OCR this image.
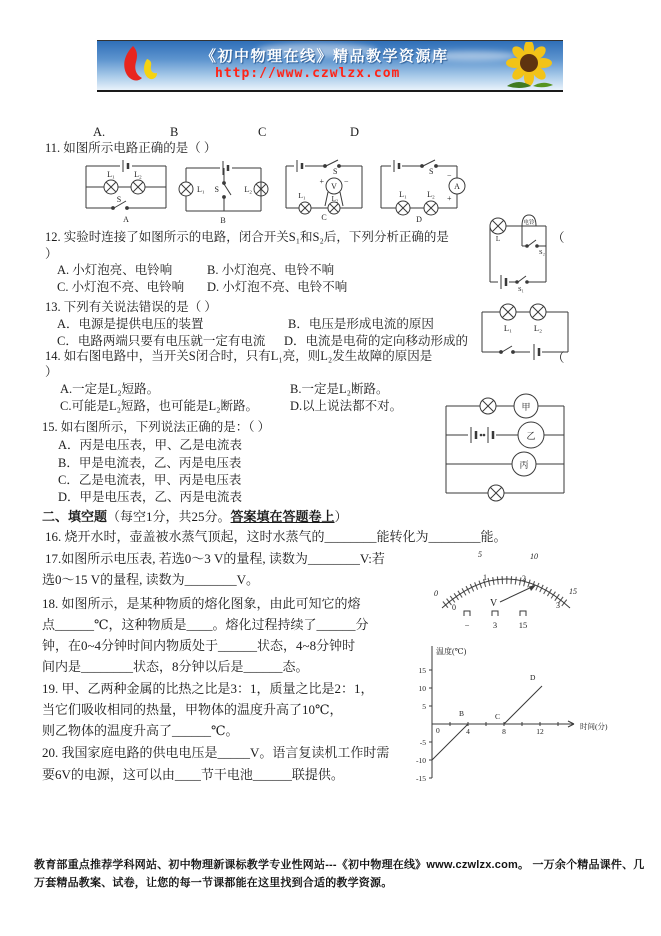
《初中物理在线》精品教学资源库
http://www.czwlzx.com
A.	B	C	D
11. 如图所示电路正确的是（ ）
L₁ L₂
S
A
L₁ S	L₂
B
V
+	−
S
L₁	L₂
C
A
−
+
S
L₁	L₂
D
12. 实验时连接了如图所示的电路，闭合开关S₁和S₂后，下列分析正确的是	（
）
A. 小灯泡亮、电铃响	B. 小灯泡亮、电铃不响
C. 小灯泡不亮、电铃响 D. 小灯泡不亮、电铃不响
L
电铃
S₂
S₁
13. 下列有关说法错误的是（ ）
A．电源是提供电压的装置	B．电压是形成电流的原因
C．电路两端只要有电压就一定有电流 D．电流是电荷的定向移动形成的
L₁	L₂
14. 如右图电路中，当开关S闭合时，只有L₁亮，则L₂发生故障的原因是	（
）
A.一定是L₂短路。	B.一定是L₂断路。
C.可能是L₂短路，也可能是L₂断路。	D.以上说法都不对。	甲
乙
丙
15. 如右图所示，下列说法正确的是：（ ）
A．丙是电压表，甲、乙是电流表
B．甲是电流表，乙、丙是电压表
C．乙是电流表，甲、丙是电压表
D．甲是电压表，乙、丙是电流表
二、填空题（每空1分，共25分。答案填在答题卷上）
16. 烧开水时，壶盖被水蒸气顶起，这时水蒸气的________能转化为________能。
17.如图所示电压表, 若选0～3 V的量程, 读数为________V:若
选0～15 V的量程, 读数为________V。
0
5	10
15
0
1	2
3
V
−	3	15
18. 如图所示，是某种物质的熔化图象，由此可知它的熔
点______℃，这种物质是____。熔化过程持续了______分
钟，在0~4分钟时间内物质处于______状态，4~8分钟时
间内是________状态，8分钟以后是______态。
温度(℃)
15
10
5
0
-5
-10
-15
4	8	12
时间(分)
B	C
D
19. 甲、乙两种金属的比热之比是3：1，质量之比是2：1，
当它们吸收相同的热量，甲物体的温度升高了10℃，
则乙物体的温度升高了______℃。
20. 我国家庭电路的供电电压是_____V。语言复读机工作时需
要6V的电源，这可以由____节干电池______联提供。
教育部重点推荐学科网站、初中物理新课标教学专业性网站---《初中物理在线》www.czwlzx.com。 一万余个精品课件、几万套精品教案、试卷，让您的每一节课都能在这里找到合适的教学资源。
